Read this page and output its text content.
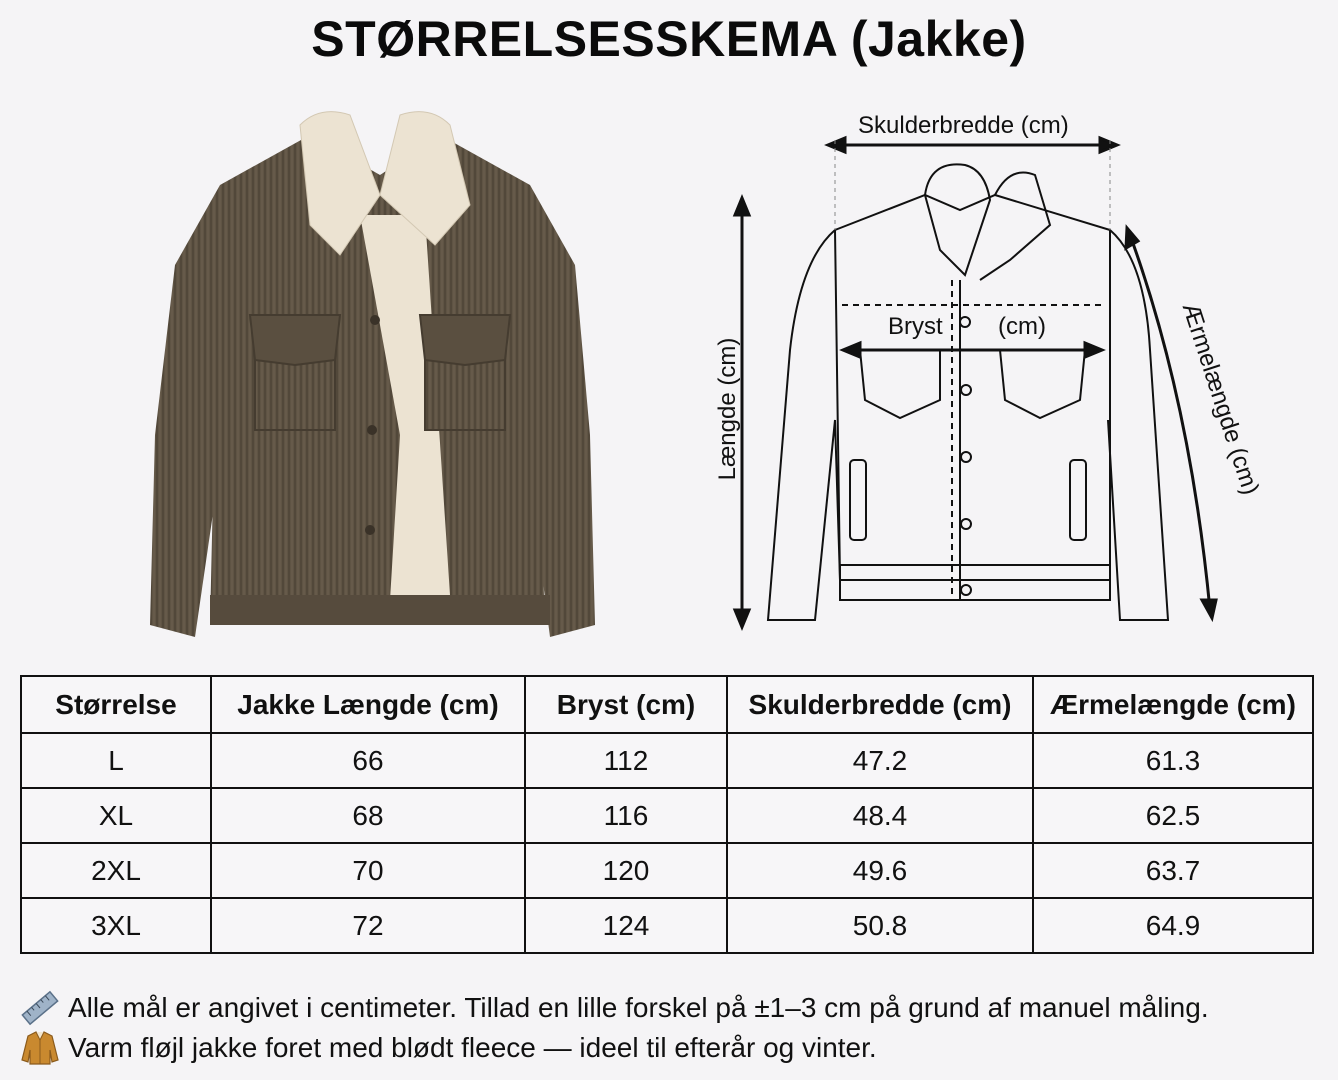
STØRRELSESSKEMA (Jakke)
Skulderbredde (cm)
Bryst (cm)
Længde (cm)	Ærmelængde (cm)
Størrelse	Jakke Længde (cm)	Bryst (cm)	Skulderbredde (cm)	Ærmelængde (cm)
L	66	112	47.2	61.3
XL	68	116	48.4	62.5
2XL	70	120	49.6	63.7
3XL	72	124	50.8	64.9
Alle mål er angivet i centimeter. Tillad en lille forskel på ±1–3 cm på grund af manuel måling.
Varm fløjl jakke foret med blødt fleece — ideel til efterår og vinter.
